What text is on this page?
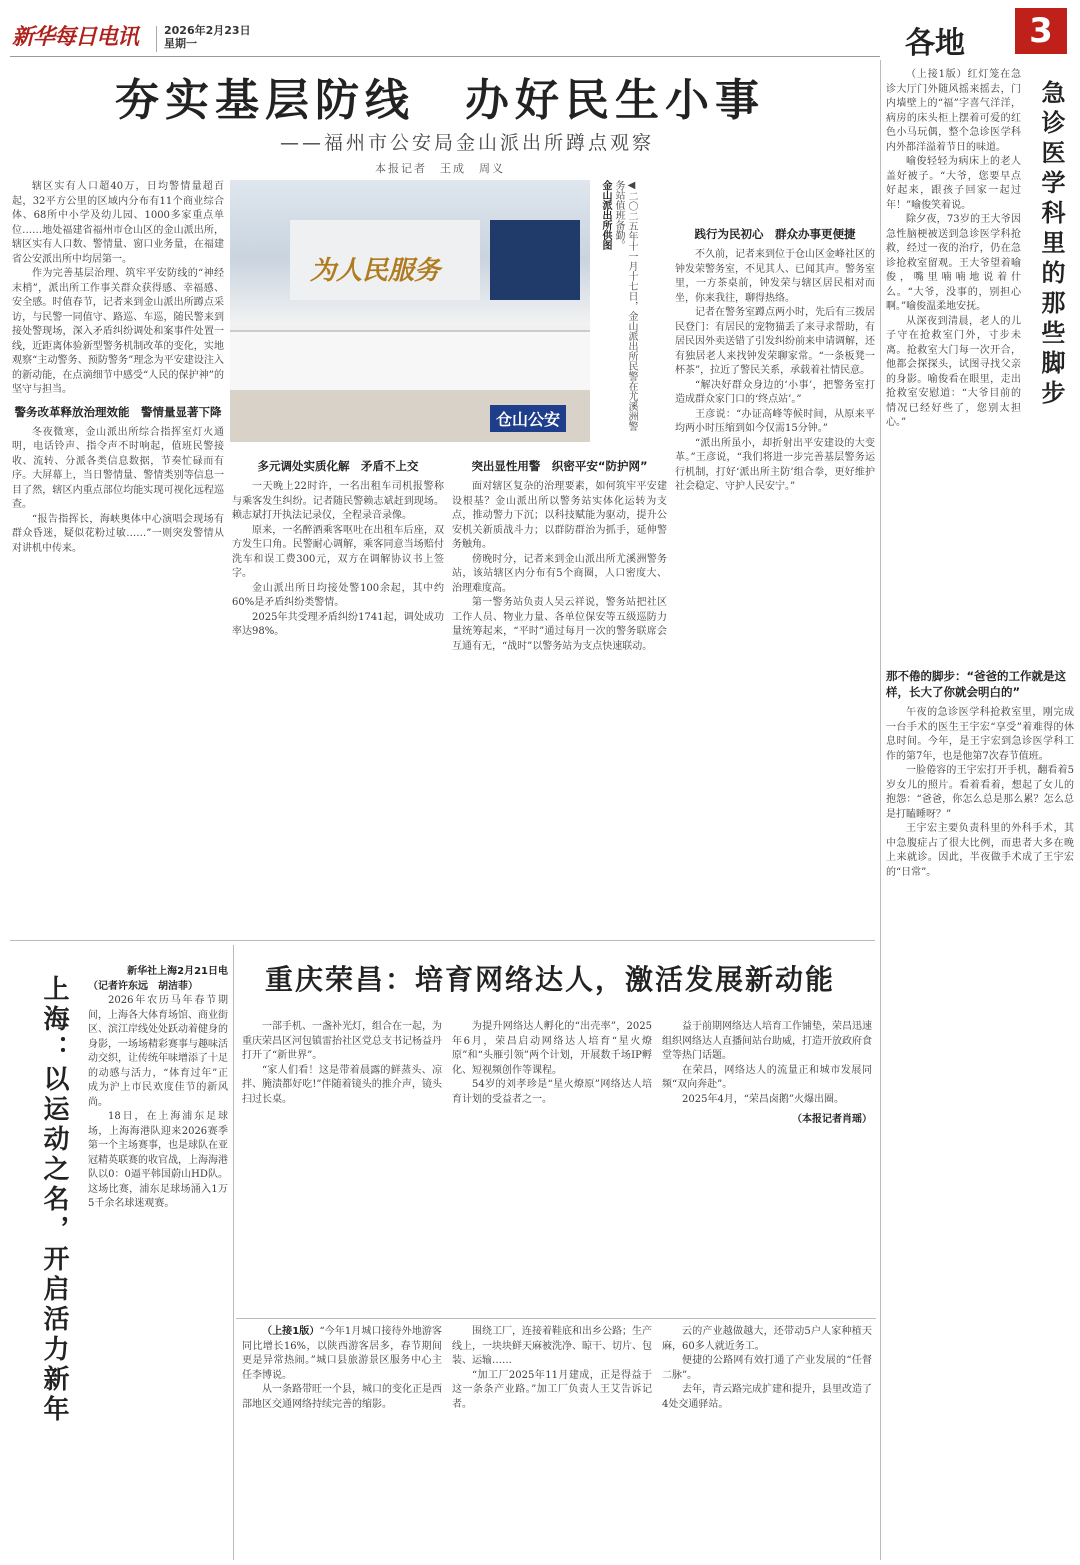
新华每日电讯 2026年2月23日
星期一	各地	3
夯实基层防线　办好民生小事
——福州市公安局金山派出所蹲点观察
本报记者　王成　周义

辖区实有人口超40万，日均警情量超百起，32平方公里的区域内分布有11个商业综合体、68所中小学及幼儿园、1000多家重点单位……地处福建省福州市仓山区的金山派出所，辖区实有人口数、警情量、窗口业务量，在福建省公安派出所中均居第一。

作为完善基层治理、筑牢平安防线的“神经末梢”，派出所工作事关群众获得感、幸福感、安全感。时值春节，记者来到金山派出所蹲点采访，与民警一同值守、路巡、车巡，随民警来到接处警现场，深入矛盾纠纷调处和案事件处置一线，近距离体验新型警务机制改革的变化，实地观察“主动警务、预防警务”理念为平安建设注入的新动能，在点滴细节中感受“人民的保护神”的坚守与担当。

警务改革释放治理效能　警情量显著下降

冬夜微寒，金山派出所综合指挥室灯火通明，电话铃声、指令声不时响起，值班民警接收、流转、分派各类信息数据，节奏忙碌而有序。大屏幕上，当日警情量、警情类别等信息一目了然，辖区内重点部位均能实现可视化远程巡查。

“报告指挥长，海峡奥体中心演唱会现场有群众昏迷，疑似花粉过敏……”一则突发警情从对讲机中传来。

为人民服务
仓山公安	◀二〇二五年十一月十七日，金山派出所民警在尤溪洲警务站值班备勤。
金山派出所供图
多元调处实质化解　矛盾不上交

一天晚上22时许，一名出租车司机报警称与乘客发生纠纷。记者随民警赖志斌赶到现场。赖志斌打开执法记录仪，全程录音录像。

原来，一名醉酒乘客呕吐在出租车后座，双方发生口角。民警耐心调解，乘客同意当场赔付洗车和误工费300元，双方在调解协议书上签字。

金山派出所日均接处警100余起，其中约60%是矛盾纠纷类警情。

2025年共受理矛盾纠纷1741起，调处成功率达98%。

突出显性用警　织密平安“防护网”

面对辖区复杂的治理要素，如何筑牢平安建设根基？金山派出所以警务站实体化运转为支点，推动警力下沉；以科技赋能为驱动，提升公安机关新质战斗力；以群防群治为抓手，延伸警务触角。

傍晚时分，记者来到金山派出所尤溪洲警务站，该站辖区内分布有5个商圈，人口密度大、治理难度高。

第一警务站负责人吴云祥说，警务站把社区工作人员、物业力量、各单位保安等五级巡防力量统筹起来，“平时”通过每月一次的警务联席会互通有无，“战时”以警务站为支点快速联动。

践行为民初心　群众办事更便捷

不久前，记者来到位于仓山区金峰社区的钟发荣警务室，不见其人、已闻其声。警务室里，一方茶桌前，钟发荣与辖区居民相对而坐，你来我往，聊得热络。

记者在警务室蹲点两小时，先后有三拨居民登门：有居民的宠物猫丢了来寻求帮助，有居民因外卖送错了引发纠纷前来申请调解，还有独居老人来找钟发荣聊家常。“一条板凳一杯茶”，拉近了警民关系，承载着社情民意。

“解决好群众身边的‘小事’，把警务室打造成群众家门口的‘终点站’。”

王彦说：“办证高峰等候时间，从原来平均两小时压缩到如今仅需15分钟。”

“派出所虽小，却折射出平安建设的大变革。”王彦说，“我们将进一步完善基层警务运行机制，打好‘派出所主防’组合拳，更好维护社会稳定、守护人民安宁。”

急诊医学科里的那些脚步

（上接1版）红灯笼在急诊大厅门外随风摇来摇去，门内墙壁上的“福”字喜气洋洋，病房的床头柜上摆着可爱的红色小马玩偶，整个急诊医学科内外都洋溢着节日的味道。

喻俊轻轻为病床上的老人盖好被子。“大爷，您要早点好起来，跟孩子回家一起过年！”喻俊笑着说。

除夕夜，73岁的王大爷因急性脑梗被送到急诊医学科抢救，经过一夜的治疗，仍在急诊抢救室留观。王大爷望着喻俊，嘴里喃喃地说着什么。“大爷，没事的，别担心啊。”喻俊温柔地安抚。

从深夜到清晨，老人的儿子守在抢救室门外，寸步未离。抢救室大门每一次开合，他都会探探头，试图寻找父亲的身影。喻俊看在眼里，走出抢救室安慰道：“大爷目前的情况已经好些了，您别太担心。”

那不倦的脚步：“爸爸的工作就是这样，长大了你就会明白的”

午夜的急诊医学科抢救室里，刚完成一台手术的医生王宇宏“享受”着难得的休息时间。今年，是王宇宏到急诊医学科工作的第7年，也是他第7次春节值班。

一脸倦容的王宇宏打开手机，翻看着5岁女儿的照片。看着看着，想起了女儿的抱怨：“爸爸，你怎么总是那么累？怎么总是打瞌睡呀？”

王宇宏主要负责科里的外科手术，其中急腹症占了很大比例，而患者大多在晚上来就诊。因此，半夜做手术成了王宇宏的“日常”。

上海：以运动之名，开启活力新年
新华社上海2月21日电
（记者许东远　胡洁菲）

2026年农历马年春节期间，上海各大体育场馆、商业街区、滨江岸线处处跃动着健身的身影，一场场精彩赛事与趣味活动交织，让传统年味增添了十足的动感与活力，“体育过年”正成为沪上市民欢度佳节的新风尚。

18日，在上海浦东足球场，上海海港队迎来2026赛季第一个主场赛事，也是球队在亚冠精英联赛的收官战，上海海港队以0：0逼平韩国蔚山HD队。这场比赛，浦东足球场涌入1万5千余名球迷观赛。

重庆荣昌：培育网络达人，激活发展新动能

一部手机、一盏补光灯，组合在一起，为重庆荣昌区河包镇雷抬社区党总支书记杨益丹打开了“新世界”。

“家人们看！这是带着晨露的鲜蒸头、凉拌、腌渍都好吃!”伴随着镜头的推介声，镜头扫过长桌。

为提升网络达人孵化的“出壳率”，2025年6月，荣昌启动网络达人培育“星火燎原”和“头雁引领”两个计划，开展数千场IP孵化、短视频创作等课程。

54岁的刘孝珍是“星火燎原”网络达人培育计划的受益者之一。

益于前期网络达人培育工作铺垫，荣昌迅速组织网络达人直播间站台助威，打造开放政府食堂等热门话题。

在荣昌，网络达人的流量正和城市发展同频“双向奔赴”。

2025年4月，“荣昌卤鹅”火爆出圈。

（本报记者肖瑶）

（上接1版）“今年1月城口接待外地游客同比增长16%，以陕西游客居多，春节期间更是异常热闹。”城口县旅游景区服务中心主任李博说。

从一条路带旺一个县，城口的变化正是西部地区交通网络持续完善的缩影。

围绕工厂，连接着鞋底和出乡公路；生产线上，一块块鲜天麻被洗净、晾干、切片、包装、运输……

“加工厂2025年11月建成，正是得益于这一条条产业路。”加工厂负责人王艾告诉记者。

云的产业越做越大，还带动5户人家种植天麻，60多人就近务工。

便捷的公路网有效打通了产业发展的“任督二脉”。

去年，青云路完成扩建和提升，县里改造了4处交通驿站。
